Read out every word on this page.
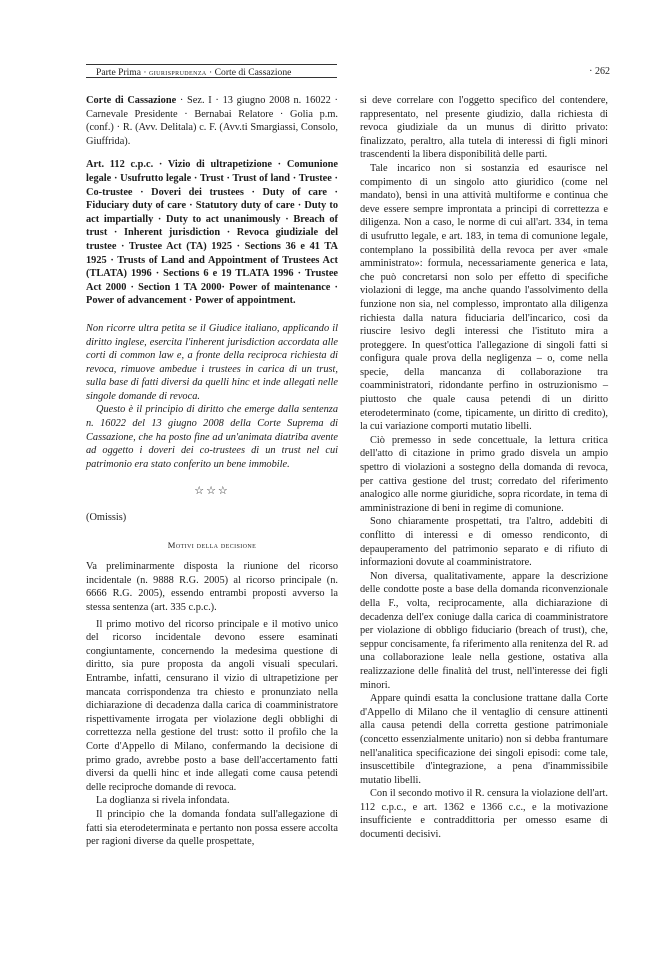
Parte Prima · giurisprudenza · Corte di Cassazione	· 262

Corte di Cassazione · Sez. I · 13 giugno 2008 n. 16022 · Carnevale Presidente · Bernabai Relatore · Golia p.m. (conf.) · R. (Avv. Delitala) c. F. (Avv.ti Smargiassi, Consolo, Giuffrida).

Art. 112 c.p.c. · Vizio di ultrapetizione · Comunione legale · Usufrutto legale · Trust · Trust of land · Trustee · Co-trustee · Doveri dei trustees · Duty of care · Fiduciary duty of care · Statutory duty of care · Duty to act impartially · Duty to act unanimously · Breach of trust · Inherent jurisdiction · Revoca giudiziale del trustee · Trustee Act (TA) 1925 · Sections 36 e 41 TA 1925 · Trusts of Land and Appointment of Trustees Act (TLATA) 1996 · Sections 6 e 19 TLATA 1996 · Trustee Act 2000 · Section 1 TA 2000· Power of maintenance · Power of advancement · Power of appointment.

Non ricorre ultra petita se il Giudice italiano, applicando il diritto inglese, esercita l'inherent jurisdiction accordata alle corti di common law e, a fronte della reciproca richiesta di revoca, rimuove ambedue i trustees in carica di un trust, sulla base di fatti diversi da quelli hinc et inde allegati nelle singole domande di revoca.

Questo è il principio di diritto che emerge dalla sentenza n. 16022 del 13 giugno 2008 della Corte Suprema di Cassazione, che ha posto fine ad un'animata diatriba avente ad oggetto i doveri dei co-trustees di un trust nel cui patrimonio era stato conferito un bene immobile.

☆☆☆

(Omissis)

Motivi della decisione

Va preliminarmente disposta la riunione del ricorso incidentale (n. 9888 R.G. 2005) al ricorso principale (n. 6666 R.G. 2005), essendo entrambi proposti avverso la stessa sentenza (art. 335 c.p.c.).

Il primo motivo del ricorso principale e il motivo unico del ricorso incidentale devono essere esaminati congiuntamente, concernendo la medesima questione di diritto, sia pure proposta da angoli visuali speculari. Entrambe, infatti, censurano il vizio di ultrapetizione per mancata corrispondenza tra chiesto e pronunziato nella dichiarazione di decadenza dalla carica di coamministratore rispettivamente irrogata per violazione degli obblighi di correttezza nella gestione del trust: sotto il profilo che la Corte d'Appello di Milano, confermando la decisione di primo grado, avrebbe posto a base dell'accertamento fatti diversi da quelli hinc et inde allegati come causa petendi delle reciproche domande di revoca.

La doglianza si rivela infondata.

Il principio che la domanda fondata sull'allegazione di fatti sia eterodeterminata e pertanto non possa essere accolta per ragioni diverse da quelle prospettate,

si deve correlare con l'oggetto specifico del contendere, rappresentato, nel presente giudizio, dalla richiesta di revoca giudiziale da un munus di diritto privato: finalizzato, peraltro, alla tutela di interessi di figli minori trascendenti la libera disponibilità delle parti.

Tale incarico non si sostanzia ed esaurisce nel compimento di un singolo atto giuridico (come nel mandato), bensì in una attività multiforme e continua che deve essere sempre improntata a principi di correttezza e diligenza. Non a caso, le norme di cui all'art. 334, in tema di usufrutto legale, e art. 183, in tema di comunione legale, contemplano la possibilità della revoca per aver «male amministrato»: formula, necessariamente generica e lata, che può concretarsi non solo per effetto di specifiche violazioni di legge, ma anche quando l'assolvimento della funzione non sia, nel complesso, improntato alla diligenza richiesta dalla natura fiduciaria dell'incarico, così da riuscire lesivo degli interessi che l'istituto mira a proteggere. In quest'ottica l'allegazione di singoli fatti si configura quale prova della negligenza – o, come nella specie, della mancanza di collaborazione tra coamministratori, ridondante perfino in ostruzionismo – piuttosto che quale causa petendi di un diritto eterodeterminato (come, tipicamente, un diritto di credito), la cui variazione comporti mutatio libelli.

Ciò premesso in sede concettuale, la lettura critica dell'atto di citazione in primo grado disvela un ampio spettro di violazioni a sostegno della domanda di revoca, per cattiva gestione del trust; corredato del riferimento analogico alle norme giuridiche, sopra ricordate, in tema di amministrazione di beni in regime di comunione.

Sono chiaramente prospettati, tra l'altro, addebiti di conflitto di interessi e di omesso rendiconto, di depauperamento del patrimonio separato e di rifiuto di informazioni dovute al coamministratore.

Non diversa, qualitativamente, appare la descrizione delle condotte poste a base della domanda riconvenzionale della F., volta, reciprocamente, alla dichiarazione di decadenza dell'ex coniuge dalla carica di coamministratore per violazione di obbligo fiduciario (breach of trust), che, seppur concisamente, fa riferimento alla renitenza del R. ad una collaborazione leale nella gestione, ostativa alla realizzazione delle finalità del trust, nell'interesse dei figli minori.

Appare quindi esatta la conclusione trattane dalla Corte d'Appello di Milano che il ventaglio di censure attinenti alla causa petendi della corretta gestione patrimoniale (concetto essenzialmente unitario) non si debba frantumare nell'analitica specificazione dei singoli episodi: come tale, insuscettibile d'integrazione, a pena d'inammissibile mutatio libelli.

Con il secondo motivo il R. censura la violazione dell'art. 112 c.p.c., e art. 1362 e 1366 c.c., e la motivazione insufficiente e contraddittoria per omesso esame di documenti decisivi.
